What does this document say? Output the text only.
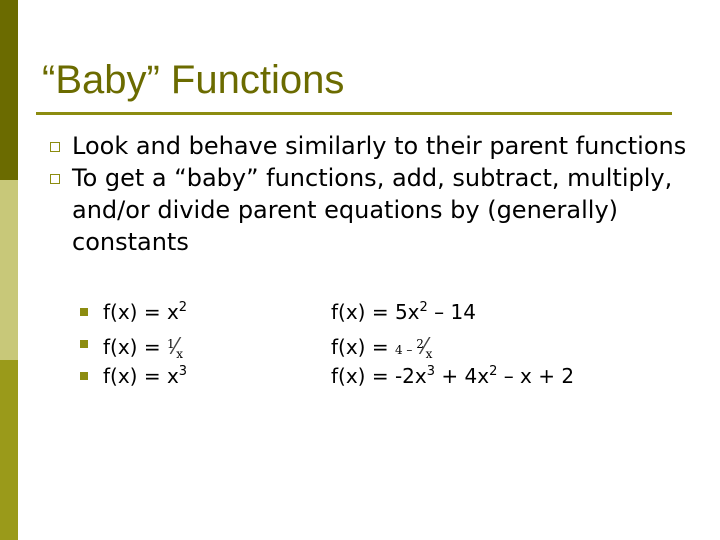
“Baby” Functions
Look and behave similarly to their parent functions
To get a “baby” functions, add, subtract, multiply, and/or divide parent equations by (generally) constants
$f(x) = x^2$	$f(x) = 5x^2 - 14$
$f(x) = ^1⁄_x$	$f(x) = 4 - ^2⁄_x$
$f(x) = x^3$	$f(x) = -2x^3 + 4x^2 - x + 2$
